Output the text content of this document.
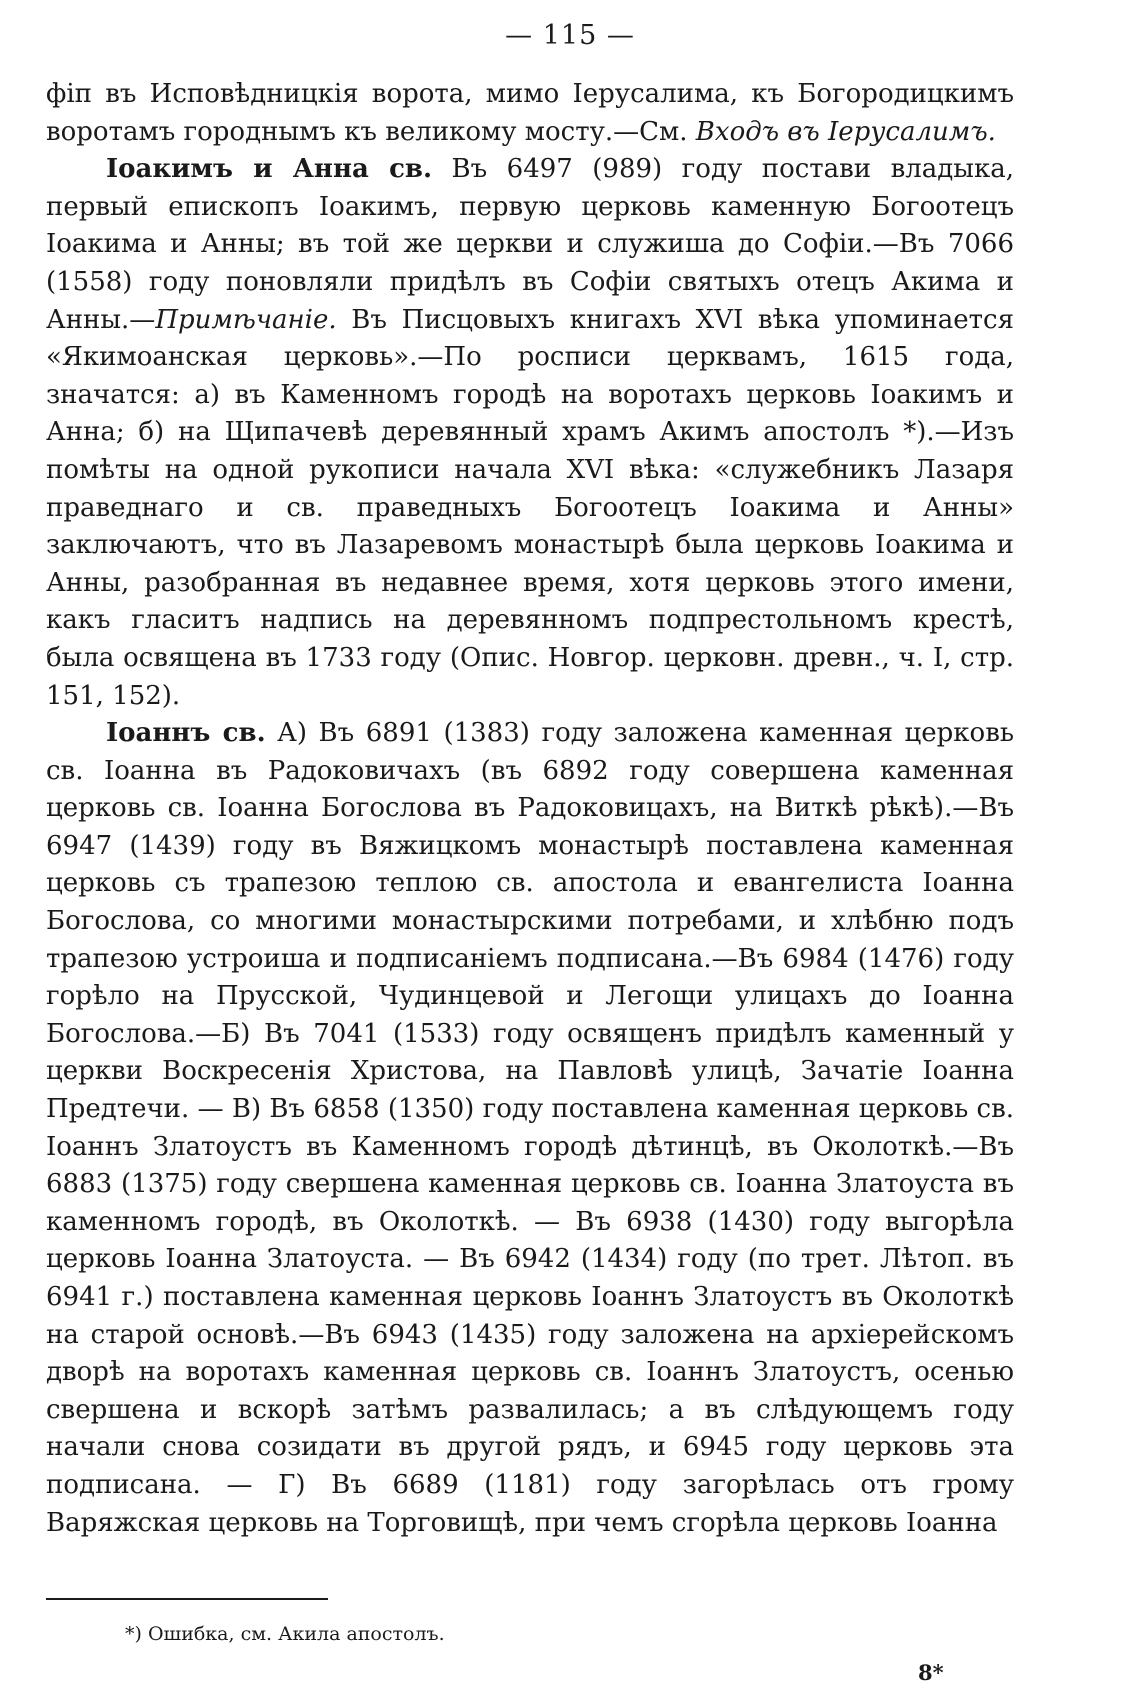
— 115 —

фіп въ Исповѣдницкія ворота, мимо Іерусалима, къ Богородицкимъ воротамъ городнымъ къ великому мосту.—См. Входъ въ Іерусалимъ.

Іоакимъ и Анна св. Въ 6497 (989) году постави владыка, первый епископъ Іоакимъ, первую церковь каменную Богоотецъ Іоакима и Анны; въ той же церкви и служиша до Софіи.—Въ 7066 (1558) году поновляли придѣлъ въ Софіи святыхъ отецъ Акима и Анны.—Примѣчаніе. Въ Писцовыхъ книгахъ XVI вѣка упоминается «Якимоанская церковь».—По росписи церквамъ, 1615 года, значатся: а) въ Каменномъ городѣ на воротахъ церковь Іоакимъ и Анна; б) на Щипачевѣ деревянный храмъ Акимъ апостолъ *).—Изъ помѣты на одной рукописи начала XVI вѣка: «служебникъ Лазаря праведнаго и св. праведныхъ Богоотецъ Іоакима и Анны» заключаютъ, что въ Лазаревомъ монастырѣ была церковь Іоакима и Анны, разобранная въ недавнее время, хотя церковь этого имени, какъ гласитъ надпись на деревянномъ подпрестольномъ крестѣ, была освящена въ 1733 году (Опис. Новгор. церковн. древн., ч. I, стр. 151, 152).

Іоаннъ св. А) Въ 6891 (1383) году заложена каменная церковь св. Іоанна въ Радоковичахъ (въ 6892 году совершена каменная церковь св. Іоанна Богослова въ Радоковицахъ, на Виткѣ рѣкѣ).—Въ 6947 (1439) году въ Вяжицкомъ монастырѣ поставлена каменная церковь съ трапезою теплою св. апостола и евангелиста Іоанна Богослова, со многими монастырскими потребами, и хлѣбню подъ трапезою устроиша и подписаніемъ подписана.—Въ 6984 (1476) году горѣло на Прусской, Чудинцевой и Легощи улицахъ до Іоанна Богослова.—Б) Въ 7041 (1533) году освященъ придѣлъ каменный у церкви Воскресенія Христова, на Павловѣ улицѣ, Зачатіе Іоанна Предтечи. — В) Въ 6858 (1350) году поставлена каменная церковь св. Іоаннъ Златоустъ въ Каменномъ городѣ дѣтинцѣ, въ Околоткѣ.—Въ 6883 (1375) году свершена каменная церковь св. Іоанна Златоуста въ каменномъ городѣ, въ Околоткѣ. — Въ 6938 (1430) году выгорѣла церковь Іоанна Златоуста. — Въ 6942 (1434) году (по трет. Лѣтоп. въ 6941 г.) поставлена каменная церковь Іоаннъ Златоустъ въ Околоткѣ на старой основѣ.—Въ 6943 (1435) году заложена на архіерейскомъ дворѣ на воротахъ каменная церковь св. Іоаннъ Златоустъ, осенью свершена и вскорѣ затѣмъ развалилась; а въ слѣдующемъ году начали снова созидати въ другой рядъ, и 6945 году церковь эта подписана. — Г) Въ 6689 (1181) году загорѣлась отъ грому Варяжская церковь на Торговищѣ, при чемъ сгорѣла церковь Іоанна

*) Ошибка, см. Акила апостолъ.
8*
